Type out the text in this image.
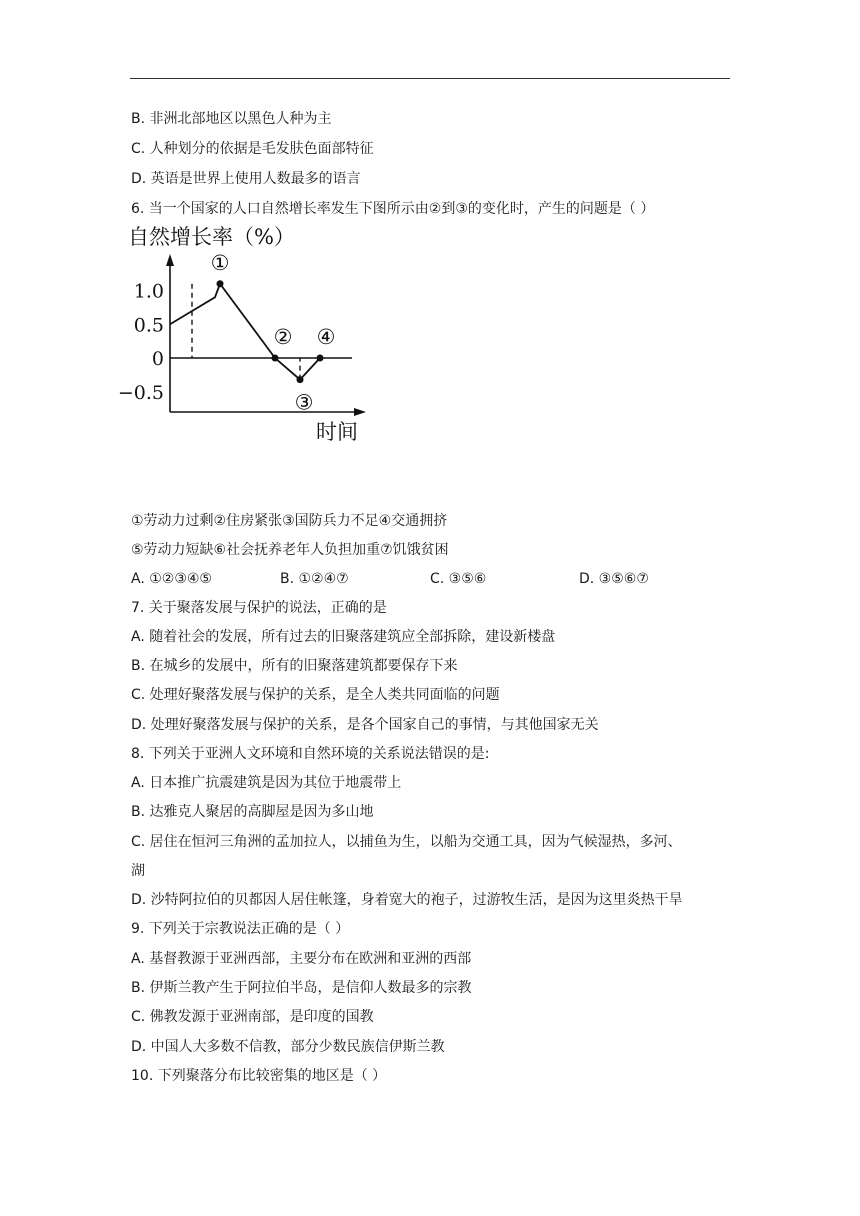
B. 非洲北部地区以黑色人种为主
C. 人种划分的依据是毛发肤色面部特征
D. 英语是世界上使用人数最多的语言
6. 当一个国家的人口自然增长率发生下图所示由②到③的变化时，产生的问题是（ ）
自然增长率（%）
1.0
0.5
0
−0.5
①
②
③
④
时间
①劳动力过剩②住房紧张③国防兵力不足④交通拥挤
⑤劳动力短缺⑥社会抚养老年人负担加重⑦饥饿贫困
A. ①②③④⑤	B. ①②④⑦	C. ③⑤⑥	D. ③⑤⑥⑦
7. 关于聚落发展与保护的说法，正确的是
A. 随着社会的发展，所有过去的旧聚落建筑应全部拆除，建设新楼盘
B. 在城乡的发展中，所有的旧聚落建筑都要保存下来
C. 处理好聚落发展与保护的关系，是全人类共同面临的问题
D. 处理好聚落发展与保护的关系，是各个国家自己的事情，与其他国家无关
8. 下列关于亚洲人文环境和自然环境的关系说法错误的是:
A. 日本推广抗震建筑是因为其位于地震带上
B. 达雅克人聚居的高脚屋是因为多山地
C. 居住在恒河三角洲的孟加拉人，以捕鱼为生，以船为交通工具，因为气候湿热，多河、
湖
D. 沙特阿拉伯的贝都因人居住帐篷，身着宽大的袍子，过游牧生活，是因为这里炎热干旱
9. 下列关于宗教说法正确的是（ ）
A. 基督教源于亚洲西部，主要分布在欧洲和亚洲的西部
B. 伊斯兰教产生于阿拉伯半岛，是信仰人数最多的宗教
C. 佛教发源于亚洲南部，是印度的国教
D. 中国人大多数不信教，部分少数民族信伊斯兰教
10. 下列聚落分布比较密集的地区是（ ）
